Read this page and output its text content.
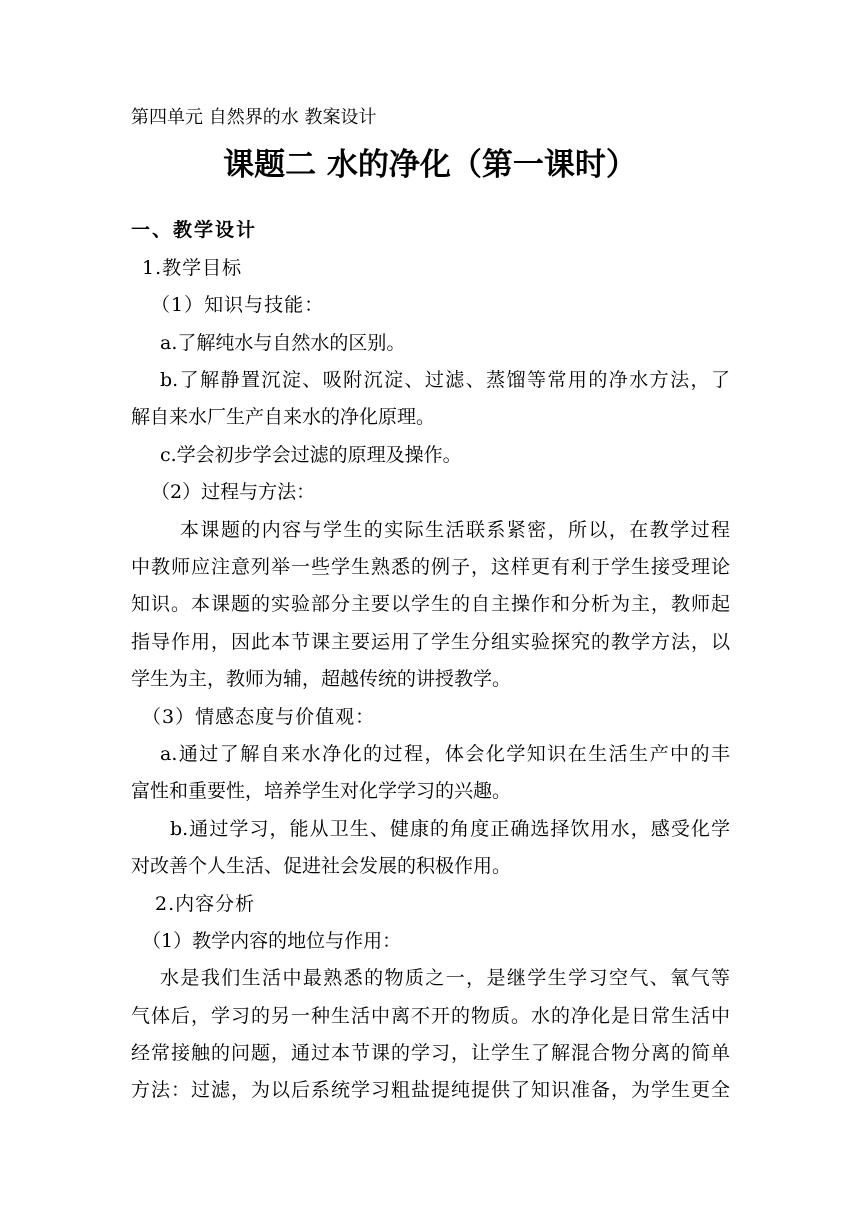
第四单元 自然界的水 教案设计
课题二 水的净化（第一课时）
一、教学设计
1.教学目标
（1）知识与技能：
a.了解纯水与自然水的区别。
b.了解静置沉淀、吸附沉淀、过滤、蒸馏等常用的净水方法，了
解自来水厂生产自来水的净化原理。
c.学会初步学会过滤的原理及操作。
（2）过程与方法：
本课题的内容与学生的实际生活联系紧密，所以，在教学过程
中教师应注意列举一些学生熟悉的例子，这样更有利于学生接受理论
知识。本课题的实验部分主要以学生的自主操作和分析为主，教师起
指导作用，因此本节课主要运用了学生分组实验探究的教学方法，以
学生为主，教师为辅，超越传统的讲授教学。
（3）情感态度与价值观：
a.通过了解自来水净化的过程，体会化学知识在生活生产中的丰
富性和重要性，培养学生对化学学习的兴趣。
b.通过学习，能从卫生、健康的角度正确选择饮用水，感受化学
对改善个人生活、促进社会发展的积极作用。
2.内容分析
（1）教学内容的地位与作用：
水是我们生活中最熟悉的物质之一，是继学生学习空气、氧气等
气体后，学习的另一种生活中离不开的物质。水的净化是日常生活中
经常接触的问题，通过本节课的学习，让学生了解混合物分离的简单
方法：过滤，为以后系统学习粗盐提纯提供了知识准备，为学生更全
